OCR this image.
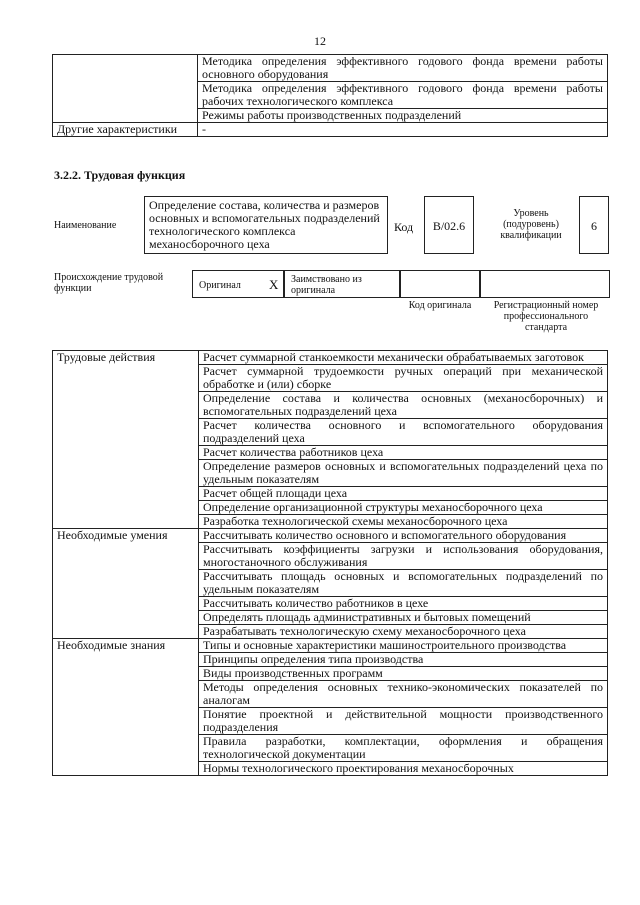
12
	Методика определения эффективного годового фонда времени работы основного оборудования
	Методика определения эффективного годового фонда времени работы рабочих технологического комплекса
	Режимы работы производственных подразделений
Другие характеристики	-
3.2.2. Трудовая функция
Наименование
Определение состава, количества и размеров основных и вспомогательных подразделений технологического комплекса механосборочного цеха
Код	В/02.6
Уровень (подуровень) квалификации
6
Происхождение трудовой функции	Оригинал X Заимствовано из оригинала
Код оригинала	Регистрационный номер профессионального стандарта
Трудовые действия	Расчет суммарной станкоемкости механически обрабатываемых заготовок
	Расчет суммарной трудоемкости ручных операций при механической обработке и (или) сборке
	Определение состава и количества основных (механосборочных) и вспомогательных подразделений цеха
	Расчет количества основного и вспомогательного оборудования подразделений цеха
	Расчет количества работников цеха
	Определение размеров основных и вспомогательных подразделений цеха по удельным показателям
	Расчет общей площади цеха
	Определение организационной структуры механосборочного цеха
	Разработка технологической схемы механосборочного цеха
Необходимые умения	Рассчитывать количество основного и вспомогательного оборудования
	Рассчитывать коэффициенты загрузки и использования оборудования, многостаночного обслуживания
	Рассчитывать площадь основных и вспомогательных подразделений по удельным показателям
	Рассчитывать количество работников в цехе
	Определять площадь административных и бытовых помещений
	Разрабатывать технологическую схему механосборочного цеха
Необходимые знания	Типы и основные характеристики машиностроительного производства
	Принципы определения типа производства
	Виды производственных программ
	Методы определения основных технико-экономических показателей по аналогам
	Понятие проектной и действительной мощности производственного подразделения
	Правила разработки, комплектации, оформления и обращения технологической документации
	Нормы технологического проектирования механосборочных
